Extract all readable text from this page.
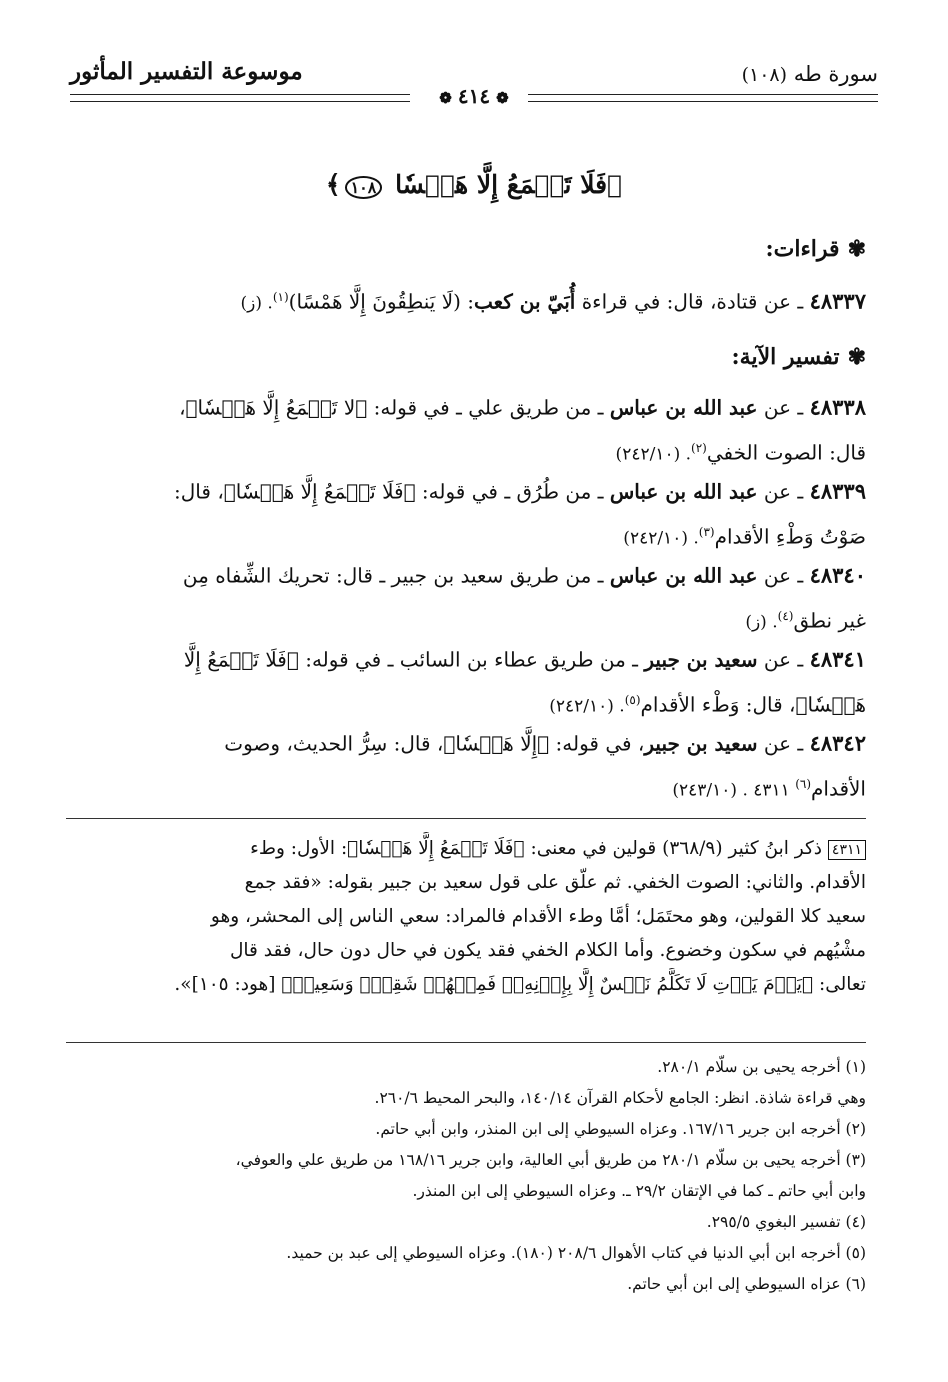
موسوعة التفسير المأثور	سورة طه (١٠٨)
❁٤١٤❁
﴿فَلَا تَسۡمَعُ إِلَّا هَمۡسٗا ١٠٨﴾
✾قراءات:
٤٨٣٣٧ ـ عن قتادة، قال: في قراءة أُبَيّ بن كعب: (لَا يَنطِقُونَ إِلَّا هَمْسًا)$^{(١)}$. (ز)
✾تفسير الآية:
٤٨٣٣٨ ـ عن عبد الله بن عباس ـ من طريق علي ـ في قوله: ﴿لا تَسۡمَعُ إِلَّا هَمۡسٗا﴾،
قال: الصوت الخفي$^{(٢)}$. (٢٤٢/١٠)
٤٨٣٣٩ ـ عن عبد الله بن عباس ـ من طُرُق ـ في قوله: ﴿فَلَا تَسۡمَعُ إِلَّا هَمۡسٗا﴾، قال:
صَوْتُ وَطْءِ الأقدام$^{(٣)}$. (٢٤٢/١٠)
٤٨٣٤٠ ـ عن عبد الله بن عباس ـ من طريق سعيد بن جبير ـ قال: تحريك الشِّفاه مِن
غير نطق$^{(٤)}$. (ز)
٤٨٣٤١ ـ عن سعيد بن جبير ـ من طريق عطاء بن السائب ـ في قوله: ﴿فَلَا تَسۡمَعُ إِلَّا
هَمۡسٗا﴾، قال: وَطْء الأقدام$^{(٥)}$. (٢٤٢/١٠)
٤٨٣٤٢ ـ عن سعيد بن جبير، في قوله: ﴿إِلَّا هَمۡسٗا﴾، قال: سِرُّ الحديث، وصوت
الأقدام$^{(٦)}$ ٤٣١١ . (٢٤٣/١٠)
٤٣١١ ذكر ابنُ كثير (٣٦٨/٩) قولين في معنى: ﴿فَلَا تَسۡمَعُ إِلَّا هَمۡسٗا﴾: الأول: وطء
الأقدام. والثاني: الصوت الخفي. ثم علّق على قول سعيد بن جبير بقوله: «فقد جمع
سعيد كلا القولين، وهو محتَمَل؛ أمَّا وطء الأقدام فالمراد: سعي الناس إلى المحشر، وهو
مشْيُهم في سكون وخضوع. وأما الكلام الخفي فقد يكون في حال دون حال، فقد قال
تعالى: ﴿يَوۡمَ يَأۡتِ لَا تَكَلَّمُ نَفۡسٌ إِلَّا بِإِذۡنِهِۦۚ فَمِنۡهُمۡ شَقِيّٞ وَسَعِيدٞ﴾ [هود: ١٠٥]».
(١) أخرجه يحيى بن سلّام ٢٨٠/١.
وهي قراءة شاذة. انظر: الجامع لأحكام القرآن ١٤٠/١٤، والبحر المحيط ٢٦٠/٦.
(٢) أخرجه ابن جرير ١٦٧/١٦. وعزاه السيوطي إلى ابن المنذر، وابن أبي حاتم.
(٣) أخرجه يحيى بن سلّام ٢٨٠/١ من طريق أبي العالية، وابن جرير ١٦٨/١٦ من طريق علي والعوفي،
وابن أبي حاتم ـ كما في الإتقان ٢٩/٢ ـ. وعزاه السيوطي إلى ابن المنذر.
(٤) تفسير البغوي ٢٩٥/٥.
(٥) أخرجه ابن أبي الدنيا في كتاب الأهوال ٢٠٨/٦ (١٨٠). وعزاه السيوطي إلى عبد بن حميد.
(٦) عزاه السيوطي إلى ابن أبي حاتم.
